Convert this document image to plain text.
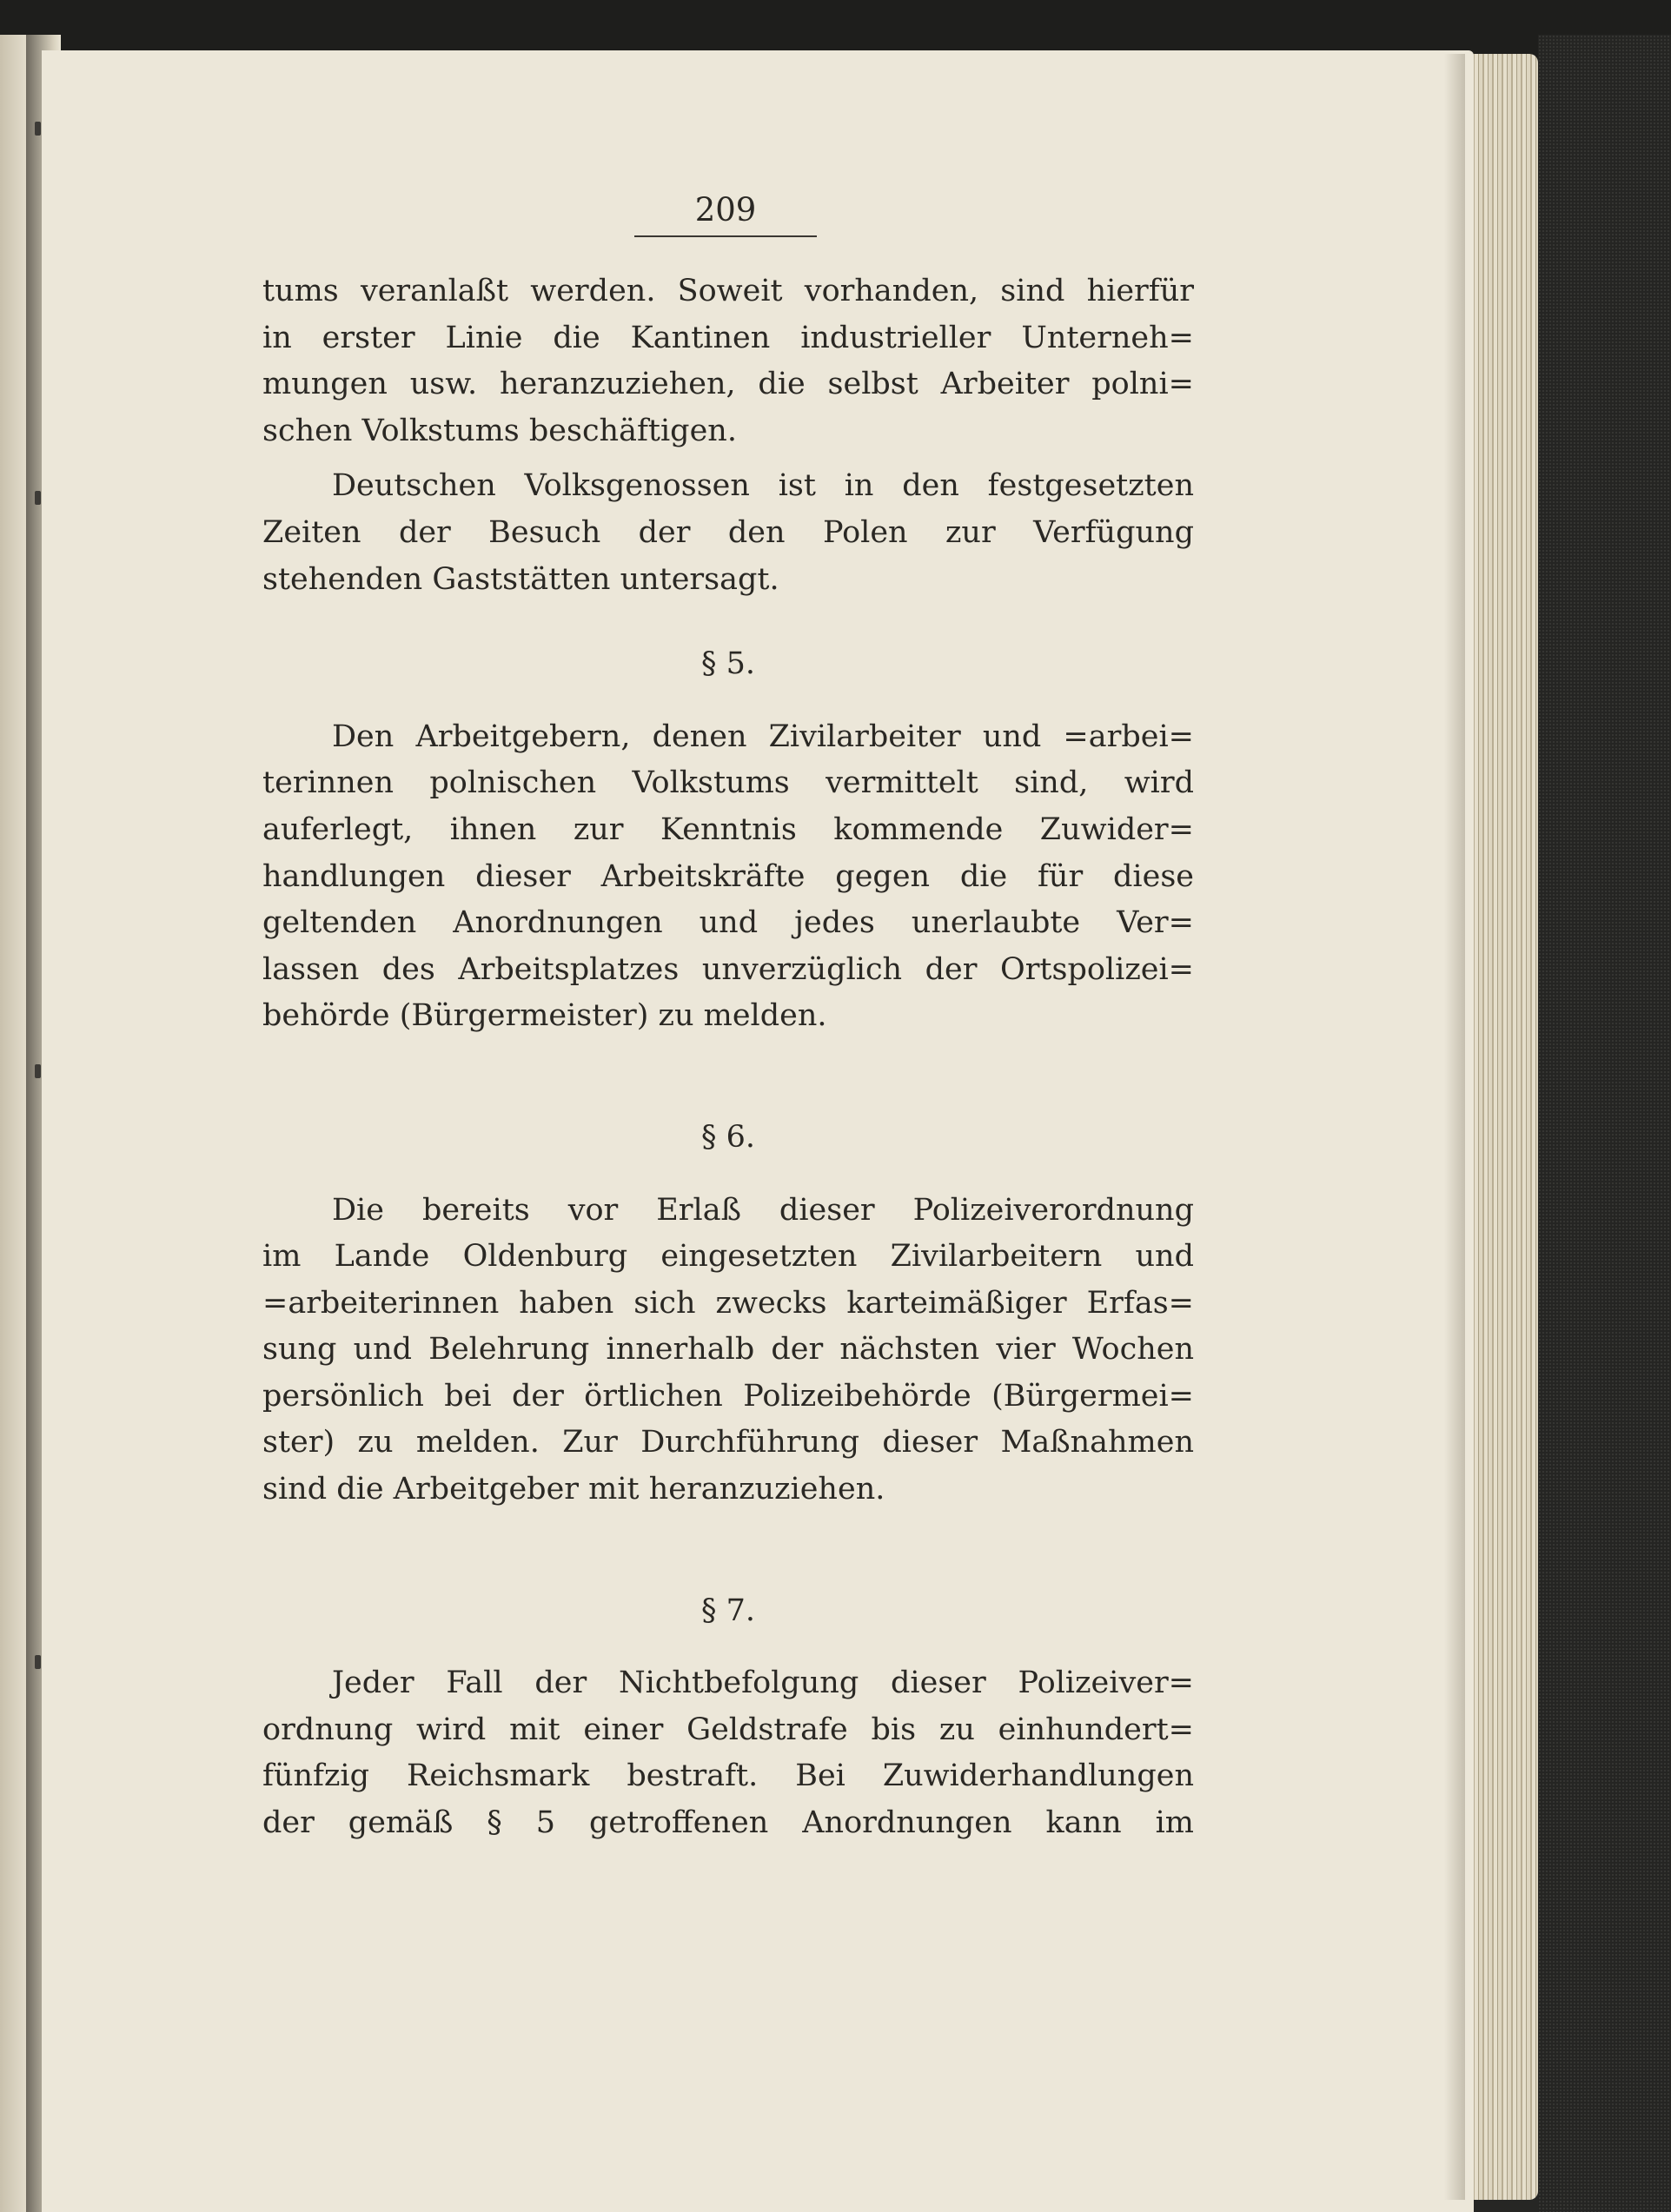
209
tums veranlaßt werden. Soweit vorhanden, sind hierfür
in erster Linie die Kantinen industrieller Unterneh=
mungen usw. heranzuziehen, die selbst Arbeiter polni=
schen Volkstums beschäftigen.
Deutschen Volksgenossen ist in den festgesetzten
Zeiten der Besuch der den Polen zur Verfügung
stehenden Gaststätten untersagt.
§ 5.
Den Arbeitgebern, denen Zivilarbeiter und =arbei=
terinnen polnischen Volkstums vermittelt sind, wird
auferlegt, ihnen zur Kenntnis kommende Zuwider=
handlungen dieser Arbeitskräfte gegen die für diese
geltenden Anordnungen und jedes unerlaubte Ver=
lassen des Arbeitsplatzes unverzüglich der Ortspolizei=
behörde (Bürgermeister) zu melden.
§ 6.
Die bereits vor Erlaß dieser Polizeiverordnung
im Lande Oldenburg eingesetzten Zivilarbeitern und
=arbeiterinnen haben sich zwecks karteimäßiger Erfas=
sung und Belehrung innerhalb der nächsten vier Wochen
persönlich bei der örtlichen Polizeibehörde (Bürgermei=
ster) zu melden. Zur Durchführung dieser Maßnahmen
sind die Arbeitgeber mit heranzuziehen.
§ 7.
Jeder Fall der Nichtbefolgung dieser Polizeiver=
ordnung wird mit einer Geldstrafe bis zu einhundert=
fünfzig Reichsmark bestraft. Bei Zuwiderhandlungen
der gemäß § 5 getroffenen Anordnungen kann im
